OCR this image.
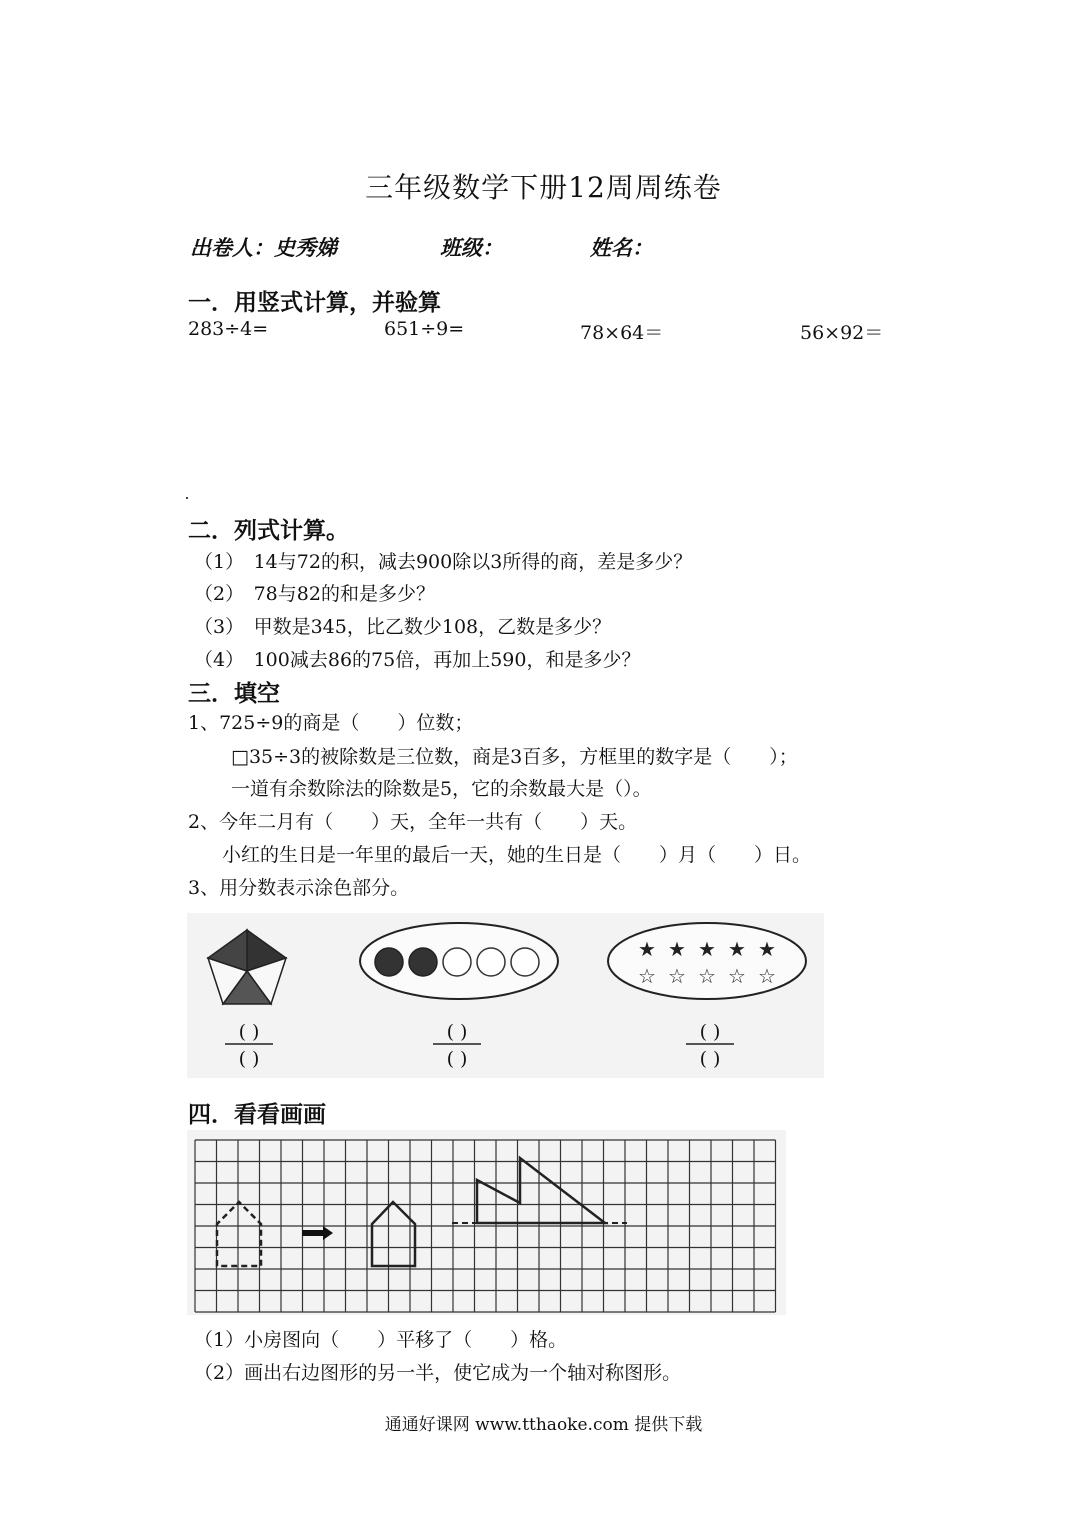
三年级数学下册12周周练卷
出卷人：史秀娣	班级：	姓名：
一．用竖式计算，并验算
283÷4=	651÷9=	78×64＝	56×92＝
二．列式计算。
（1）　14与72的积，减去900除以3所得的商，差是多少？
（2）　78与82的和是多少？
（3）　甲数是345，比乙数少108，乙数是多少？
（4）　100减去86的75倍，再加上590，和是多少？
三．填空
1、725÷9的商是（　　）位数；
□35÷3的被除数是三位数，商是3百多，方框里的数字是（　　）；
一道有余数除法的除数是5，它的余数最大是（）。
2、今年二月有（　　）天，全年一共有（　　）天。
小红的生日是一年里的最后一天，她的生日是（　　）月（　　）日。
3、用分数表示涂色部分。
★ ★ ★ ★ ★
☆ ☆ ☆ ☆ ☆
( )
( )
( )
( )
( )
( )
四．看看画画
（1）小房图向（　　）平移了（　　）格。
（2）画出右边图形的另一半，使它成为一个轴对称图形。
通通好课网 www.tthaoke.com 提供下载
